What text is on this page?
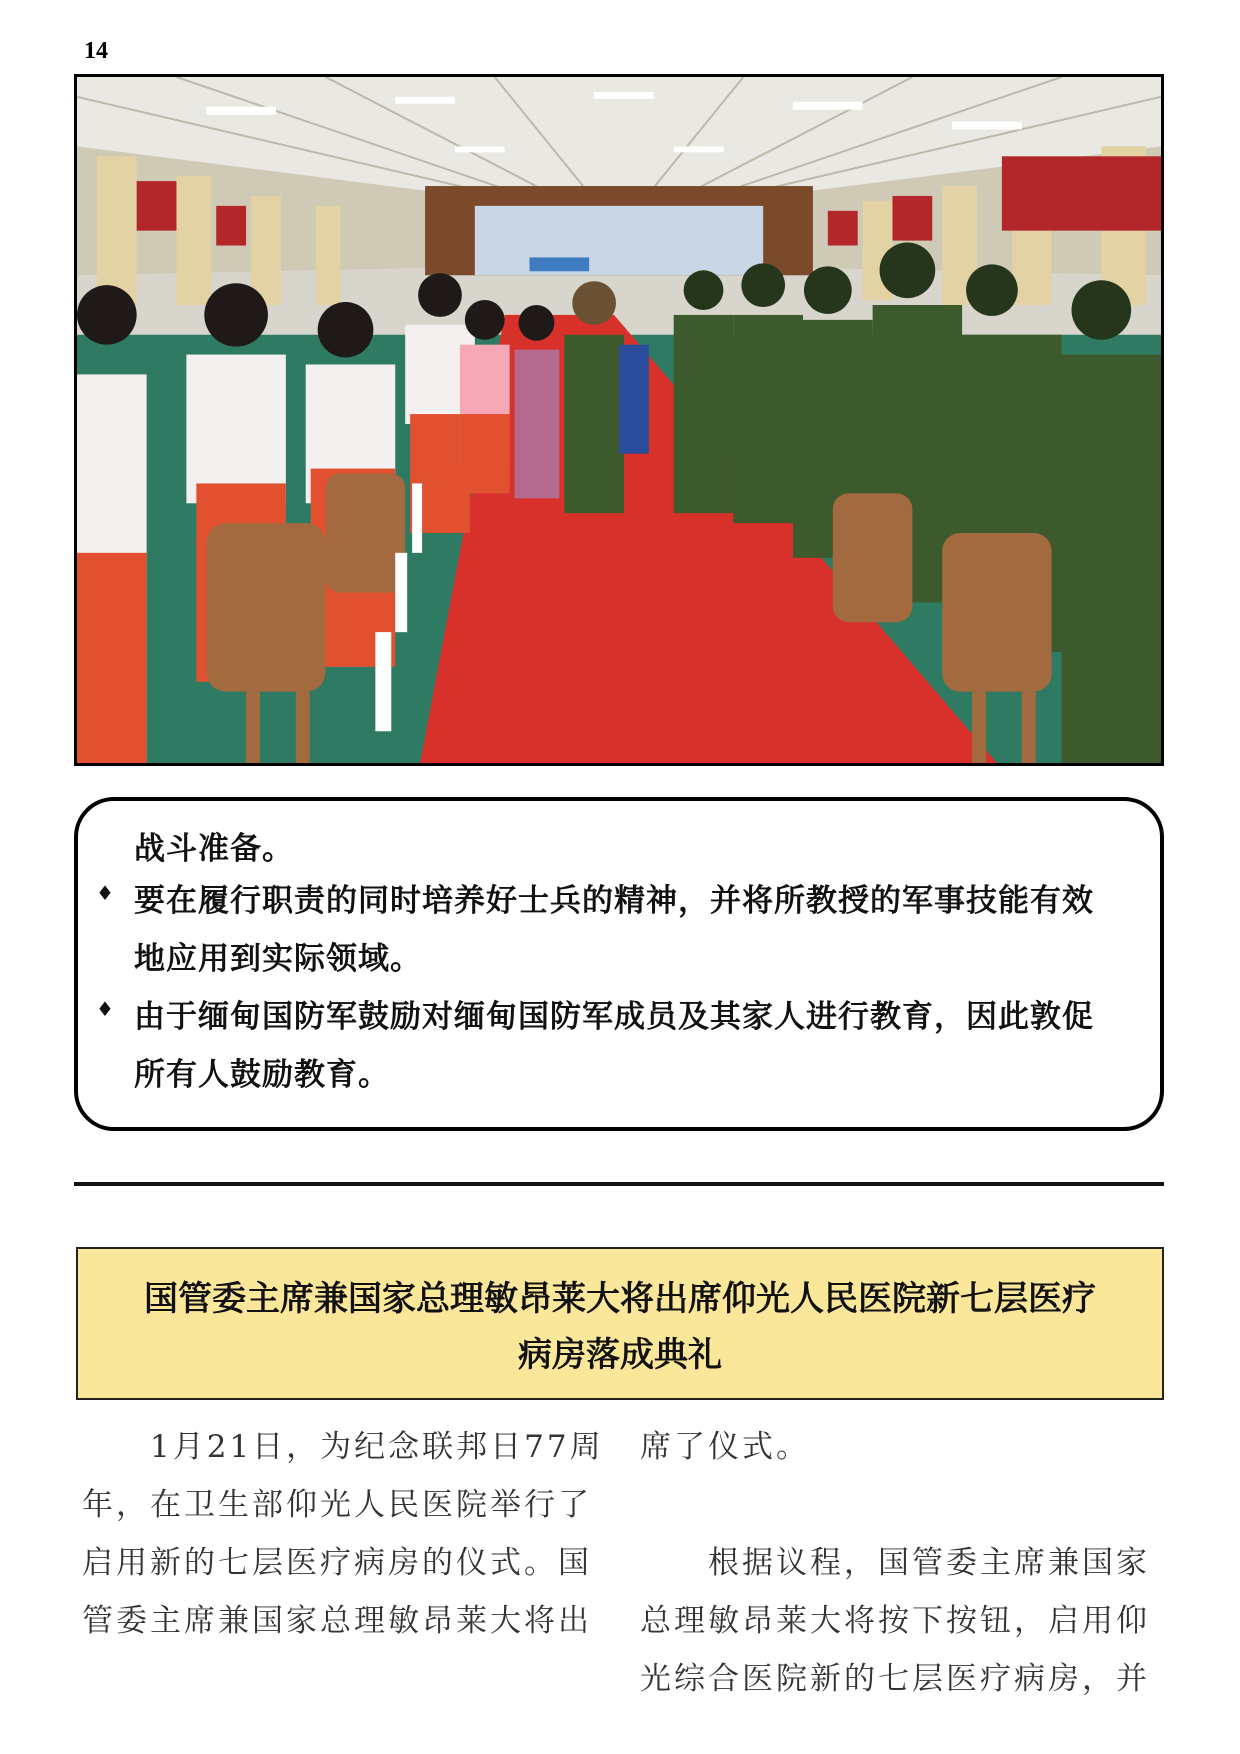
14
战斗准备。
♦ 要在履行职责的同时培养好士兵的精神，并将所教授的军事技能有效
地应用到实际领域。
♦ 由于缅甸国防军鼓励对缅甸国防军成员及其家人进行教育，因此敦促
所有人鼓励教育。
国管委主席兼国家总理敏昂莱大将出席仰光人民医院新七层医疗
病房落成典礼

　　1月21日，为纪念联邦日77周

年，在卫生部仰光人民医院举行了

启用新的七层医疗病房的仪式。国

管委主席兼国家总理敏昂莱大将出

席了仪式。

　　根据议程，国管委主席兼国家

总理敏昂莱大将按下按钮，启用仰

光综合医院新的七层医疗病房，并
